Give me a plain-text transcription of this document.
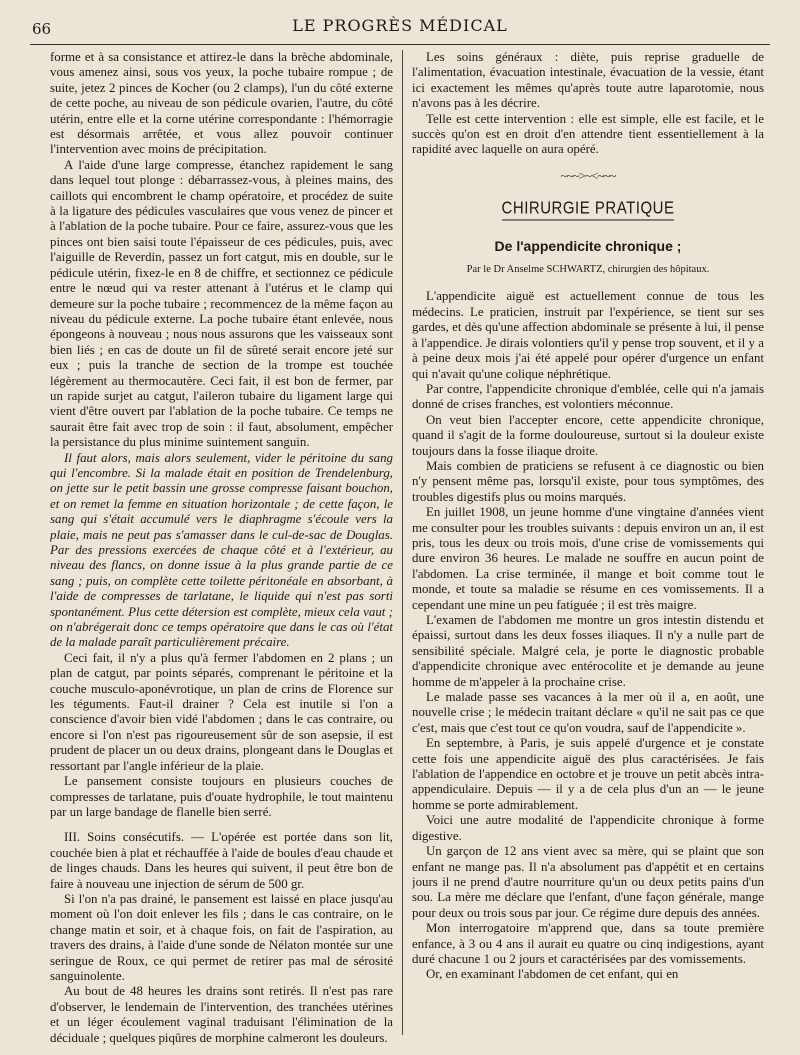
66	LE PROGRÈS MÉDICAL

forme et à sa consistance et attirez-le dans la brèche abdominale, vous amenez ainsi, sous vos yeux, la poche tubaire rompue ; de suite, jetez 2 pinces de Kocher (ou 2 clamps), l'un du côté externe de cette poche, au niveau de son pédicule ovarien, l'autre, du côté utérin, entre elle et la corne utérine correspondante : l'hémorragie est désormais arrêtée, et vous allez pouvoir continuer l'intervention avec moins de précipitation.

A l'aide d'une large compresse, étanchez rapidement le sang dans lequel tout plonge : débarrassez-vous, à pleines mains, des caillots qui encombrent le champ opératoire, et procédez de suite à la ligature des pédicules vasculaires que vous venez de pincer et à l'ablation de la poche tubaire. Pour ce faire, assurez-vous que les pinces ont bien saisi toute l'épaisseur de ces pédicules, puis, avec l'aiguille de Reverdin, passez un fort catgut, mis en double, sur le pédicule utérin, fixez-le en 8 de chiffre, et sectionnez ce pédicule entre le nœud qui va rester attenant à l'utérus et le clamp qui demeure sur la poche tubaire ; recommencez de la même façon au niveau du pédicule externe. La poche tubaire étant enlevée, nous épongeons à nouveau ; nous nous assurons que les vaisseaux sont bien liés ; en cas de doute un fil de sûreté serait encore jeté sur eux ; puis la tranche de section de la trompe est touchée légèrement au thermocautère. Ceci fait, il est bon de fermer, par un rapide surjet au catgut, l'aileron tubaire du ligament large qui vient d'être ouvert par l'ablation de la poche tubaire. Ce temps ne saurait être fait avec trop de soin : il faut, absolument, empêcher la persistance du plus minime suintement sanguin.

Il faut alors, mais alors seulement, vider le péritoine du sang qui l'encombre. Si la malade était en position de Trendelenburg, on jette sur le petit bassin une grosse compresse faisant bouchon, et on remet la femme en situation horizontale ; de cette façon, le sang qui s'était accumulé vers le diaphragme s'écoule vers la plaie, mais ne peut pas s'amasser dans le cul-de-sac de Douglas. Par des pressions exercées de chaque côté et à l'extérieur, au niveau des flancs, on donne issue à la plus grande partie de ce sang ; puis, on complète cette toilette péritonéale en absorbant, à l'aide de compresses de tarlatane, le liquide qui n'est pas sorti spontanément. Plus cette détersion est complète, mieux cela vaut ; on n'abrégerait donc ce temps opératoire que dans le cas où l'état de la malade paraît particulièrement précaire.

Ceci fait, il n'y a plus qu'à fermer l'abdomen en 2 plans ; un plan de catgut, par points séparés, comprenant le péritoine et la couche musculo-aponévrotique, un plan de crins de Florence sur les téguments. Faut-il drainer ? Cela est inutile si l'on a conscience d'avoir bien vidé l'abdomen ; dans le cas contraire, ou encore si l'on n'est pas rigoureusement sûr de son asepsie, il est prudent de placer un ou deux drains, plongeant dans le Douglas et ressortant par l'angle inférieur de la plaie.

Le pansement consiste toujours en plusieurs couches de compresses de tarlatane, puis d'ouate hydrophile, le tout maintenu par un large bandage de flanelle bien serré.

III. Soins consécutifs. — L'opérée est portée dans son lit, couchée bien à plat et réchauffée à l'aide de boules d'eau chaude et de linges chauds. Dans les heures qui suivent, il peut être bon de faire à nouveau une injection de sérum de 500 gr.

Si l'on n'a pas drainé, le pansement est laissé en place jusqu'au moment où l'on doit enlever les fils ; dans le cas contraire, on le change matin et soir, et à chaque fois, on fait de l'aspiration, au travers des drains, à l'aide d'une sonde de Nélaton montée sur une seringue de Roux, ce qui permet de retirer pas mal de sérosité sanguinolente.

Au bout de 48 heures les drains sont retirés. Il n'est pas rare d'observer, le lendemain de l'intervention, des tranchées utérines et un léger écoulement vaginal traduisant l'élimination de la déciduale ; quelques piqûres de morphine calmeront les douleurs.

Les soins généraux : diète, puis reprise graduelle de l'alimentation, évacuation intestinale, évacuation de la vessie, étant ici exactement les mêmes qu'après toute autre laparotomie, nous n'avons pas à les décrire.

Telle est cette intervention : elle est simple, elle est facile, et le succès qu'on est en droit d'en attendre tient essentiellement à la rapidité avec laquelle on aura opéré.

~~~>~<~~~
CHIRURGIE PRATIQUE
De l'appendicite chronique ;
Par le Dr Anselme SCHWARTZ, chirurgien des hôpitaux.

L'appendicite aiguë est actuellement connue de tous les médecins. Le praticien, instruit par l'expérience, se tient sur ses gardes, et dès qu'une affection abdominale se présente à lui, il pense à l'appendice. Je dirais volontiers qu'il y pense trop souvent, et il y a à peine deux mois j'ai été appelé pour opérer d'urgence un enfant qui n'avait qu'une colique néphrétique.

Par contre, l'appendicite chronique d'emblée, celle qui n'a jamais donné de crises franches, est volontiers méconnue.

On veut bien l'accepter encore, cette appendicite chronique, quand il s'agit de la forme douloureuse, surtout si la douleur existe toujours dans la fosse iliaque droite.

Mais combien de praticiens se refusent à ce diagnostic ou bien n'y pensent même pas, lorsqu'il existe, pour tous symptômes, des troubles digestifs plus ou moins marqués.

En juillet 1908, un jeune homme d'une vingtaine d'années vient me consulter pour les troubles suivants : depuis environ un an, il est pris, tous les deux ou trois mois, d'une crise de vomissements qui dure environ 36 heures. Le malade ne souffre en aucun point de l'abdomen. La crise terminée, il mange et boit comme tout le monde, et toute sa maladie se résume en ces vomissements. Il a cependant une mine un peu fatiguée ; il est très maigre.

L'examen de l'abdomen me montre un gros intestin distendu et épaissi, surtout dans les deux fosses iliaques. Il n'y a nulle part de sensibilité spéciale. Malgré cela, je porte le diagnostic probable d'appendicite chronique avec entérocolite et je demande au jeune homme de m'appeler à la prochaine crise.

Le malade passe ses vacances à la mer où il a, en août, une nouvelle crise ; le médecin traitant déclare « qu'il ne sait pas ce que c'est, mais que c'est tout ce qu'on voudra, sauf de l'appendicite ».

En septembre, à Paris, je suis appelé d'urgence et je constate cette fois une appendicite aiguë des plus caractérisées. Je fais l'ablation de l'appendice en octobre et je trouve un petit abcès intra-appendiculaire. Depuis — il y a de cela plus d'un an — le jeune homme se porte admirablement.

Voici une autre modalité de l'appendicite chronique à forme digestive.

Un garçon de 12 ans vient avec sa mère, qui se plaint que son enfant ne mange pas. Il n'a absolument pas d'appétit et en certains jours il ne prend d'autre nourriture qu'un ou deux petits pains d'un sou. La mère me déclare que l'enfant, d'une façon générale, mange pour deux ou trois sous par jour. Ce régime dure depuis des années.

Mon interrogatoire m'apprend que, dans sa toute première enfance, à 3 ou 4 ans il aurait eu quatre ou cinq indigestions, ayant duré chacune 1 ou 2 jours et caractérisées par des vomissements.

Or, en examinant l'abdomen de cet enfant, qui en
